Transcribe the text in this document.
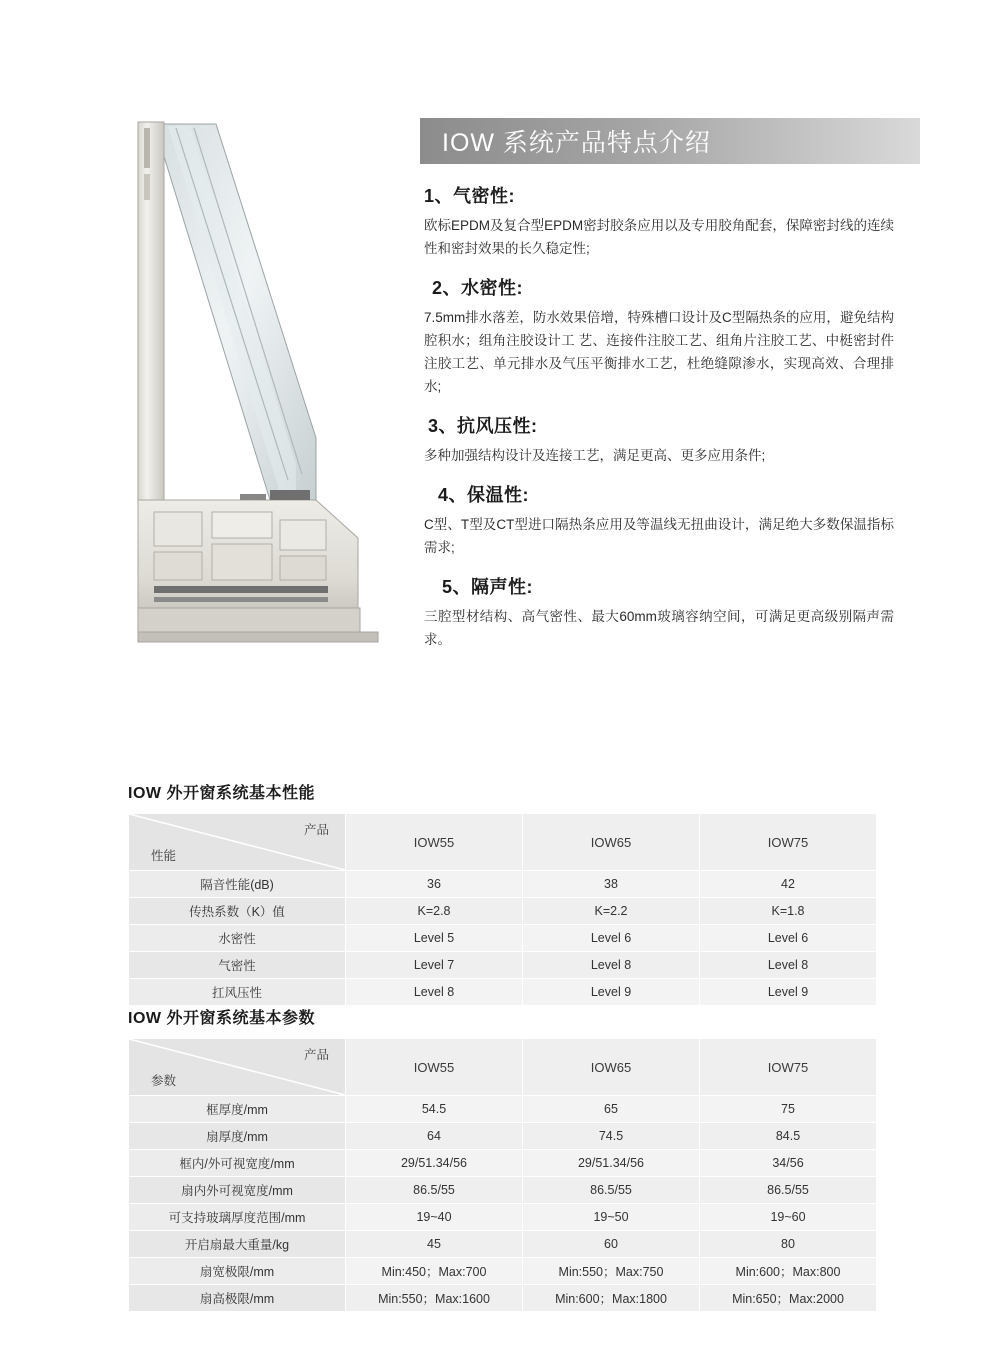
IOW 系统产品特点介绍
1、气密性:
欧标EPDM及复合型EPDM密封胶条应用以及专用胶角配套，保障密封线的连续性和密封效果的长久稳定性;
2、水密性:
7.5mm排水落差，防水效果倍增，特殊槽口设计及C型隔热条的应用，避免结构腔积水；组角注胶设计工 艺、连接件注胶工艺、组角片注胶工艺、中梃密封件注胶工艺、单元排水及气压平衡排水工艺，杜绝缝隙渗水，实现高效、合理排水;
3、抗风压性:
多种加强结构设计及连接工艺，满足更高、更多应用条件;
4、保温性:
C型、T型及CT型进口隔热条应用及等温线无扭曲设计，满足绝大多数保温指标需求;
5、隔声性:
三腔型材结构、高气密性、最大60mm玻璃容纳空间，可满足更高级别隔声需求。
IOW 外开窗系统基本性能
产品
性能	IOW55	IOW65	IOW75
隔音性能(dB)	36	38	42
传热系数（K）值	K=2.8	K=2.2	K=1.8
水密性	Level 5	Level 6	Level 6
气密性	Level 7	Level 8	Level 8
扛风压性	Level 8	Level 9	Level 9
IOW 外开窗系统基本参数
产品
参数	IOW55	IOW65	IOW75
框厚度/mm	54.5	65	75
扇厚度/mm	64	74.5	84.5
框内/外可视宽度/mm	29/51.34/56	29/51.34/56	34/56
扇内外可视宽度/mm	86.5/55	86.5/55	86.5/55
可支持玻璃厚度范围/mm	19~40	19~50	19~60
开启扇最大重量/kg	45	60	80
扇宽极限/mm	Min:450；Max:700	Min:550；Max:750	Min:600；Max:800
扇高极限/mm	Min:550；Max:1600	Min:600；Max:1800	Min:650；Max:2000
